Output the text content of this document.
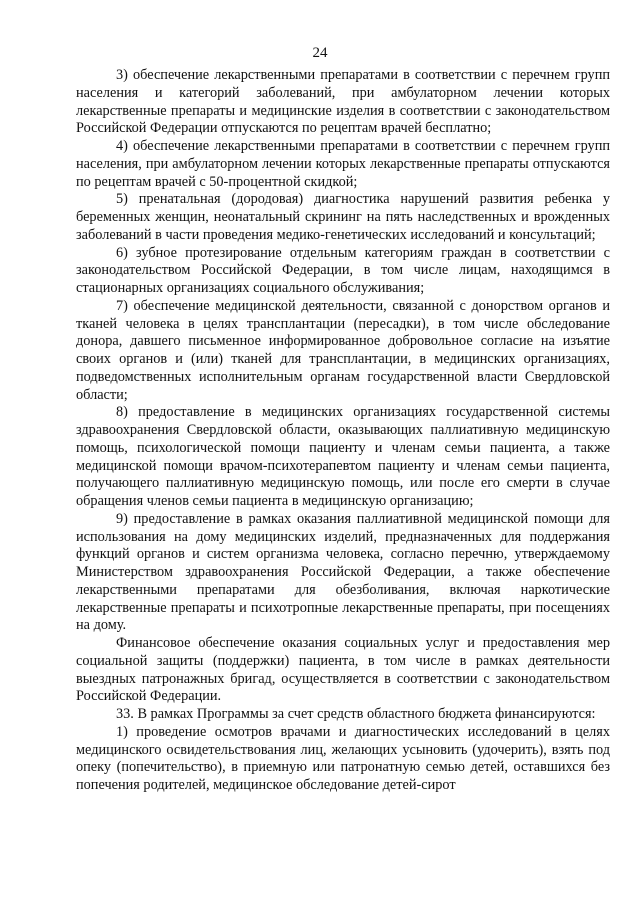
24

3) обеспечение лекарственными препаратами в соответствии с перечнем групп населения и категорий заболеваний, при амбулаторном лечении которых лекарственные препараты и медицинские изделия в соответствии с законодательством Российской Федерации отпускаются по рецептам врачей бесплатно;

4) обеспечение лекарственными препаратами в соответствии с перечнем групп населения, при амбулаторном лечении которых лекарственные препараты отпускаются по рецептам врачей с 50-процентной скидкой;

5) пренатальная (дородовая) диагностика нарушений развития ребенка у беременных женщин, неонатальный скрининг на пять наследственных и врожденных заболеваний в части проведения медико-генетических исследований и консультаций;

6) зубное протезирование отдельным категориям граждан в соответствии с законодательством Российской Федерации, в том числе лицам, находящимся в стационарных организациях социального обслуживания;

7) обеспечение медицинской деятельности, связанной с донорством органов и тканей человека в целях трансплантации (пересадки), в том числе обследование донора, давшего письменное информированное добровольное согласие на изъятие своих органов и (или) тканей для трансплантации, в медицинских организациях, подведомственных исполнительным органам государственной власти Свердловской области;

8) предоставление в медицинских организациях государственной системы здравоохранения Свердловской области, оказывающих паллиативную медицинскую помощь, психологической помощи пациенту и членам семьи пациента, а также медицинской помощи врачом-психотерапевтом пациенту и членам семьи пациента, получающего паллиативную медицинскую помощь, или после его смерти в случае обращения членов семьи пациента в медицинскую организацию;

9) предоставление в рамках оказания паллиативной медицинской помощи для использования на дому медицинских изделий, предназначенных для поддержания функций органов и систем организма человека, согласно перечню, утверждаемому Министерством здравоохранения Российской Федерации, а также обеспечение лекарственными препаратами для обезболивания, включая наркотические лекарственные препараты и психотропные лекарственные препараты, при посещениях на дому.

Финансовое обеспечение оказания социальных услуг и предоставления мер социальной защиты (поддержки) пациента, в том числе в рамках деятельности выездных патронажных бригад, осуществляется в соответствии с законодательством Российской Федерации.

33. В рамках Программы за счет средств областного бюджета финансируются:

1) проведение осмотров врачами и диагностических исследований в целях медицинского освидетельствования лиц, желающих усыновить (удочерить), взять под опеку (попечительство), в приемную или патронатную семью детей, оставшихся без попечения родителей, медицинское обследование детей-сирот
